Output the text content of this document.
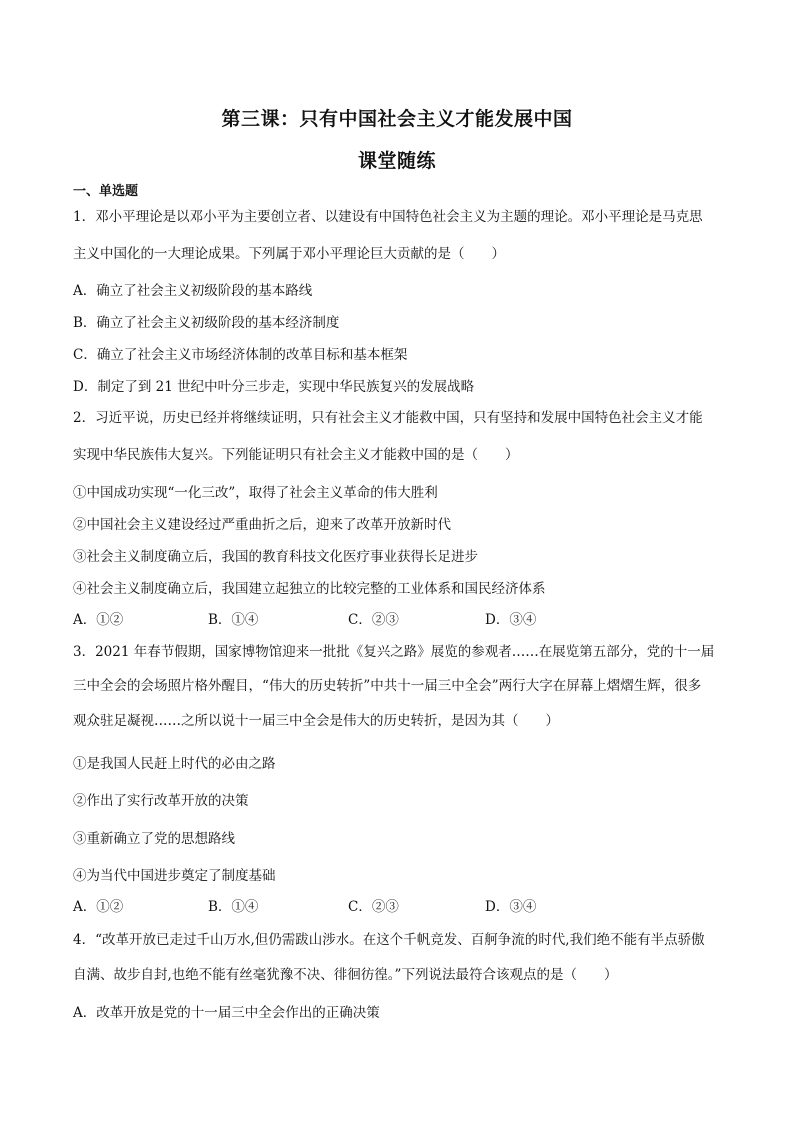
第三课：只有中国社会主义才能发展中国
课堂随练
一、单选题
1．邓小平理论是以邓小平为主要创立者、以建设有中国特色社会主义为主题的理论。邓小平理论是马克思
主义中国化的一大理论成果。下列属于邓小平理论巨大贡献的是（　　）
A．确立了社会主义初级阶段的基本路线
B．确立了社会主义初级阶段的基本经济制度
C．确立了社会主义市场经济体制的改革目标和基本框架
D．制定了到 21 世纪中叶分三步走，实现中华民族复兴的发展战略
2．习近平说，历史已经并将继续证明，只有社会主义才能救中国，只有坚持和发展中国特色社会主义才能
实现中华民族伟大复兴。下列能证明只有社会主义才能救中国的是（　　）
①中国成功实现“一化三改”，取得了社会主义革命的伟大胜利
②中国社会主义建设经过严重曲折之后，迎来了改革开放新时代
③社会主义制度确立后，我国的教育科技文化医疗事业获得长足进步
④社会主义制度确立后，我国建立起独立的比较完整的工业体系和国民经济体系
A．①②	B．①④	C．②③	D．③④
3．2021 年春节假期，国家博物馆迎来一批批《复兴之路》展览的参观者……在展览第五部分，党的十一届
三中全会的会场照片格外醒目，“伟大的历史转折”中共十一届三中全会”两行大字在屏幕上熠熠生辉，很多
观众驻足凝视……之所以说十一届三中全会是伟大的历史转折，是因为其（　　）
①是我国人民赶上时代的必由之路
②作出了实行改革开放的决策
③重新确立了党的思想路线
④为当代中国进步奠定了制度基础
A．①②	B．①④	C．②③	D．③④
4．“改革开放已走过千山万水,但仍需跋山涉水。在这个千帆竞发、百舸争流的时代,我们绝不能有半点骄傲
自满、故步自封,也绝不能有丝毫犹豫不决、徘徊彷徨。”下列说法最符合该观点的是（　　）
A．改革开放是党的十一届三中全会作出的正确决策
